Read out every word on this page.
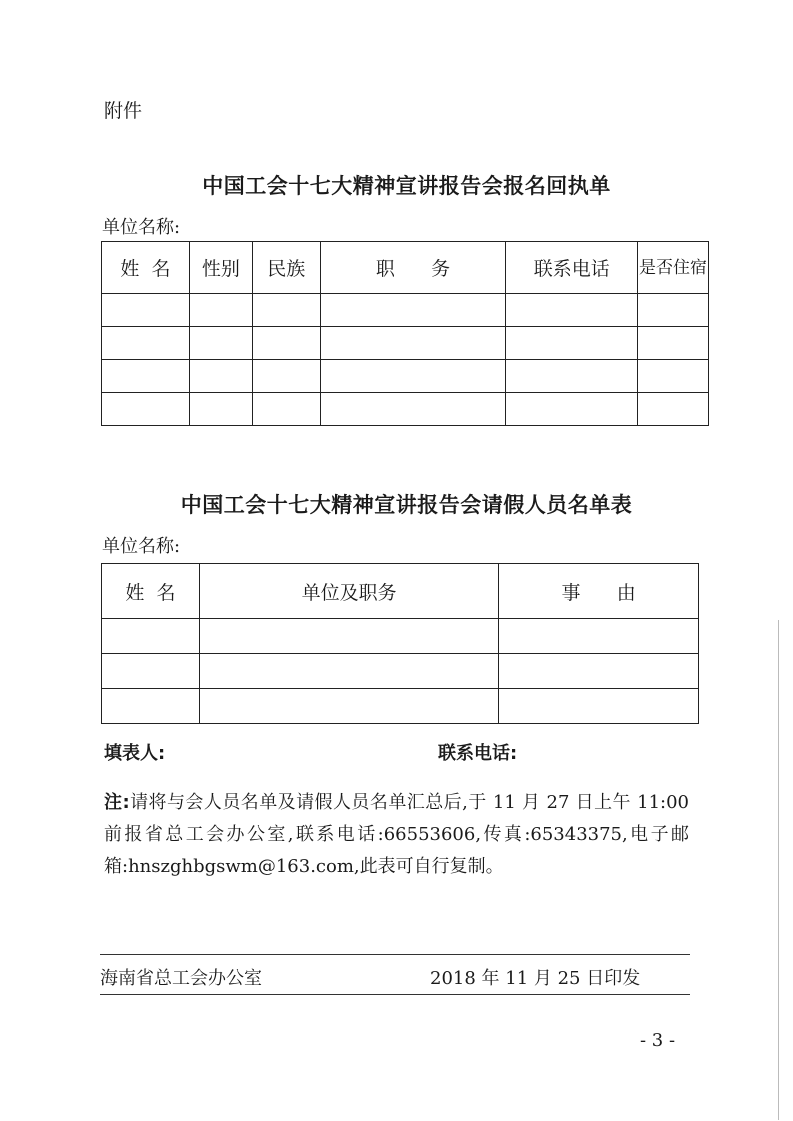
附件
中国工会十七大精神宣讲报告会报名回执单
单位名称:
姓  名	性别	民族	职      务	联系电话	是否住宿

中国工会十七大精神宣讲报告会请假人员名单表
单位名称:
姓  名	单位及职务	事      由

填表人:	联系电话:
注:请将与会人员名单及请假人员名单汇总后,于 11 月 27 日上午 11:00 前报省总工会办公室,联系电话:66553606,传真:65343375,电子邮箱:hnszghbgswm@163.com,此表可自行复制。
海南省总工会办公室	2018 年 11 月 25 日印发
- 3 -
